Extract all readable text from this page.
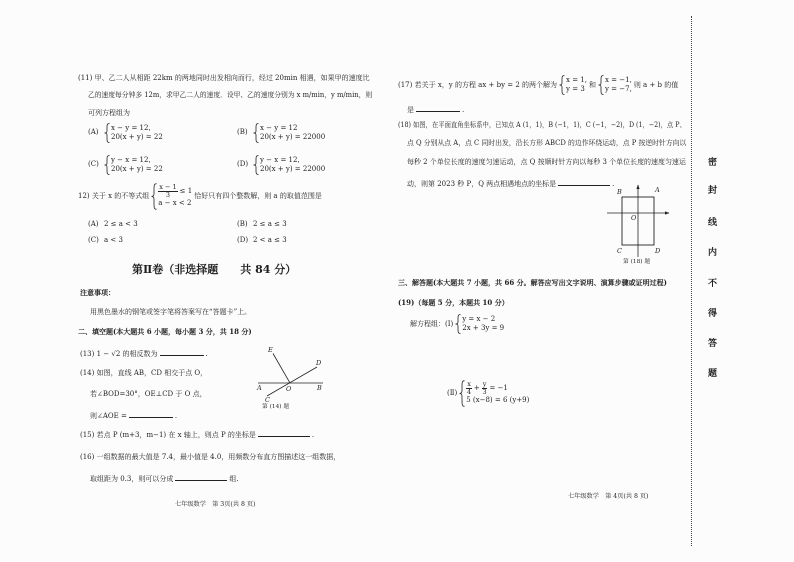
(11) 甲、乙二人从相距 22km 的两地同时出发相向而行，经过 20min 相遇，如果甲的速度比
乙的速度每分钟多 12m，求甲乙二人的速度．设甲、乙的速度分别为 x m/min，y m/min，则
可列方程组为
(A)
x − y = 12,
20(x + y) = 22
(B)
x − y = 12
20(x + y) = 22000
(C)
y − x = 12,
20(x + y) = 22
(D)
y − x = 12,
20(x + y) = 22000
12) 关于 x 的不等式组 $\frac{x - 1}{3} \le 1$
a − x < 2
恰好只有四个整数解，则 a 的取值范围是
(A) 2 ≤ a < 3	(B) 2 ≤ a ≤ 3
(C) a < 3	(D) 2 < a ≤ 3
第Ⅱ卷（非选择题　　共 84 分）
注意事项：
用黑色墨水的钢笔或签字笔将答案写在“答题卡”上。
二、填空题(本大题共 6 小题，每小题 3 分，共 18 分)
(13) 1 − √2 的相反数为	.
(14) 如图，直线 AB，CD 相交于点 O，
若∠BOD=30°，OE⊥CD 于 O 点，
则∠AOE =	.
E
D
A	O	B
C
第 (14) 题
(15) 若点 P (m+3，m−1) 在 x 轴上，则点 P 的坐标是	.
(16) 一组数据的最大值是 7.4，最小值是 4.0，用频数分布直方图描述这一组数据，
取组距为 0.3，则可以分成	组.
七年级数学　第 3页(共 8 页)
(17) 若关于 x，y 的方程 ax + by = 2 的两个解为
x = 1,
y = 3
和
x = −1,
y = −7,
则 a + b 的值
是	.
(18) 如图，在平面直角坐标系中，已知点 A (1，1)，B (−1，1)，C (−1，−2)，D (1，−2)，点 P、
点 Q 分别从点 A，点 C 同时出发，沿长方形 ABCD 的边作环绕运动，点 P 按逆时针方向以
每秒 2 个单位长度的速度匀速运动，点 Q 按顺时针方向以每秒 3 个单位长度的速度匀速运
动，则第 2023 秒 P，Q 两点相遇地点的坐标是	.
B	A
O
C	D
第 (18) 题
三、解答题(本大题共 7 小题，共 66 分。解答应写出文字说明、演算步骤或证明过程)
(19)（每题 5 分，本题共 10 分）
解方程组：(Ⅰ)
y = x − 2
2x + 3y = 9
(Ⅱ) $\frac{x}{4} + \frac{y}{3} = -1$
5 (x−8) = 6 (y+9)
七年级数学　第 4页(共 8 页)
密
封
线
内
不
得
答
题
